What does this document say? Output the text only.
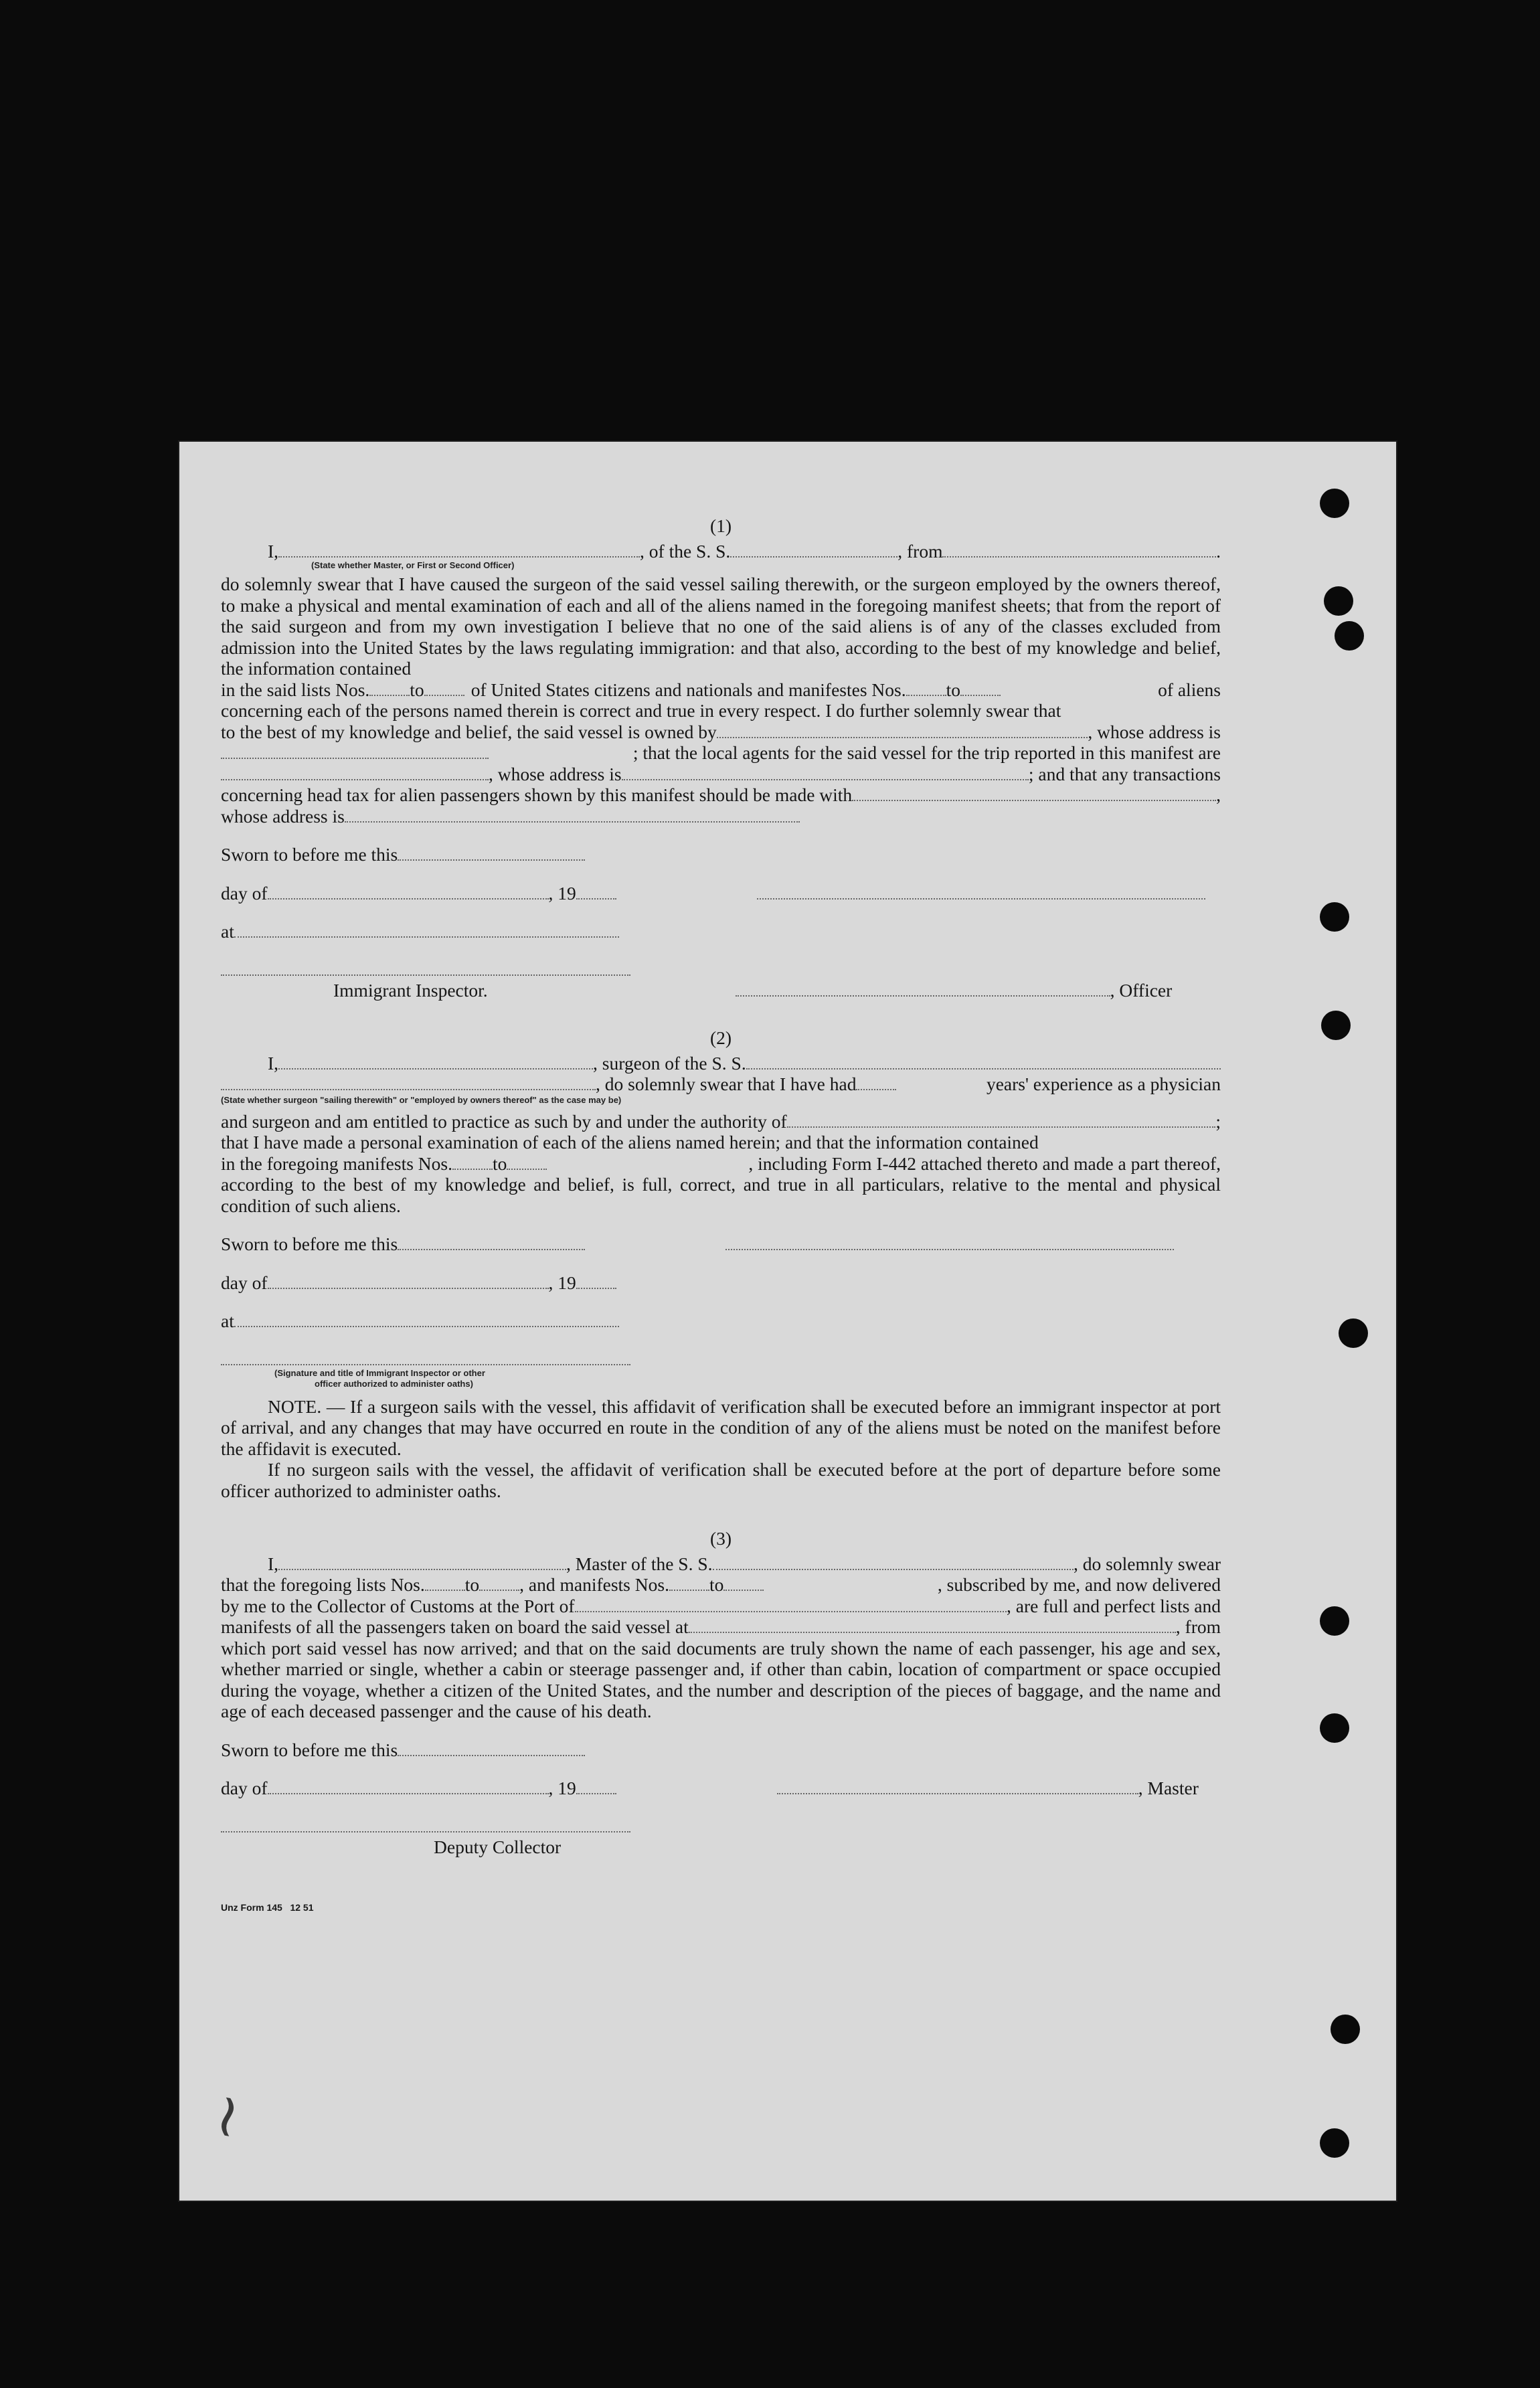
~
(1)
I,	, of the S. S.	, from	.
(State whether Master, or First or Second Officer)

do solemnly swear that I have caused the surgeon of the said vessel sailing therewith, or the surgeon employed by the owners thereof, to make a physical and mental examination of each and all of the aliens named in the foregoing manifest sheets; that from the report of the said surgeon and from my own investigation I believe that no one of the said aliens is of any of the classes excluded from admission into the United States by the laws regulating immigration: and that also, according to the best of my knowledge and belief, the information contained

in the said lists Nos. to	of United States citizens and nationals and manifestes Nos. to	of aliens

concerning each of the persons named therein is correct and true in every respect. I do further solemnly swear that

to the best of my knowledge and belief, the said vessel is owned by	, whose address is
; that the local agents for the said vessel for the trip reported in this manifest are
, whose address is	; and that any transactions
concerning head tax for alien passengers shown by this manifest should be made with	,
whose address is
Sworn to before me this
day of	, 19
at
Immigrant Inspector.	, Officer
(2)
I,	, surgeon of the S. S.
, do solemnly swear that I have had	years' experience as a physician
(State whether surgeon "sailing therewith" or "employed by owners thereof" as the case may be)
and surgeon and am entitled to practice as such by and under the authority of	;

that I have made a personal examination of each of the aliens named herein; and that the information contained

in the foregoing manifests Nos. to	, including Form I-442 attached thereto and made a part thereof,

according to the best of my knowledge and belief, is full, correct, and true in all particulars, relative to the mental and physical condition of such aliens.

Sworn to before me this
day of	, 19
at
(Signature and title of Immigrant Inspector or other
officer authorized to administer oaths)

NOTE. — If a surgeon sails with the vessel, this affidavit of verification shall be executed before an immigrant inspector at port of arrival, and any changes that may have occurred en route in the condition of any of the aliens must be noted on the manifest before the affidavit is executed.

If no surgeon sails with the vessel, the affidavit of verification shall be executed before at the port of departure before some officer authorized to administer oaths.

(3)
I,	, Master of the S. S.	, do solemnly swear
that the foregoing lists Nos. to , and manifests Nos. to	, subscribed by me, and now delivered
by me to the Collector of Customs at the Port of	, are full and perfect lists and
manifests of all the passengers taken on board the said vessel at	, from

which port said vessel has now arrived; and that on the said documents are truly shown the name of each passenger, his age and sex, whether married or single, whether a cabin or steerage passenger and, if other than cabin, location of compartment or space occupied during the voyage, whether a citizen of the United States, and the number and description of the pieces of baggage, and the name and age of each deceased passenger and the cause of his death.

Sworn to before me this
day of	, 19	, Master
Deputy Collector
Unz Form 145   12 51
